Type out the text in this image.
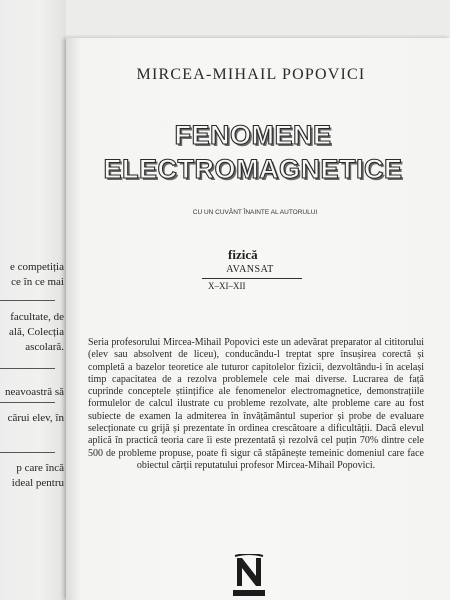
e competiția
ce în ce mai
facultate, de
ală, Colecția
ascolară.
neavoastră să
cărui elev, în
p care încă
ideal pentru
MIRCEA-MIHAIL POPOVICI
FENOMENE
ELECTROMAGNETICE
CU UN CUVÂNT ÎNAINTE AL AUTORULUI
fizică
AVANSAT
X–XI–XII

Seria profesorului Mircea-Mihail Popovici este un adevărat preparator al cititorului (elev sau absolvent de liceu), conducându-l treptat spre însușirea corectă și completă a bazelor teoretice ale tuturor capitolelor fizicii, dezvoltându-i în același timp capacitatea de a rezolva problemele cele mai diverse. Lucrarea de față cuprinde conceptele științifice ale fenomenelor electromagnetice, demonstrațiile formulelor de calcul ilustrate cu probleme rezolvate, alte probleme care au fost subiecte de examen la admiterea în învățământul superior și probe de evaluare selecționate cu grijă și prezentate în ordinea crescătoare a dificultății. Dacă elevul aplică în practică teoria care îi este prezentată și rezolvă cel puțin 70% dintre cele 500 de probleme propuse, poate fi sigur că stăpânește temeinic domeniul care face obiectul cărții reputatului profesor Mircea-Mihail Popovici.
